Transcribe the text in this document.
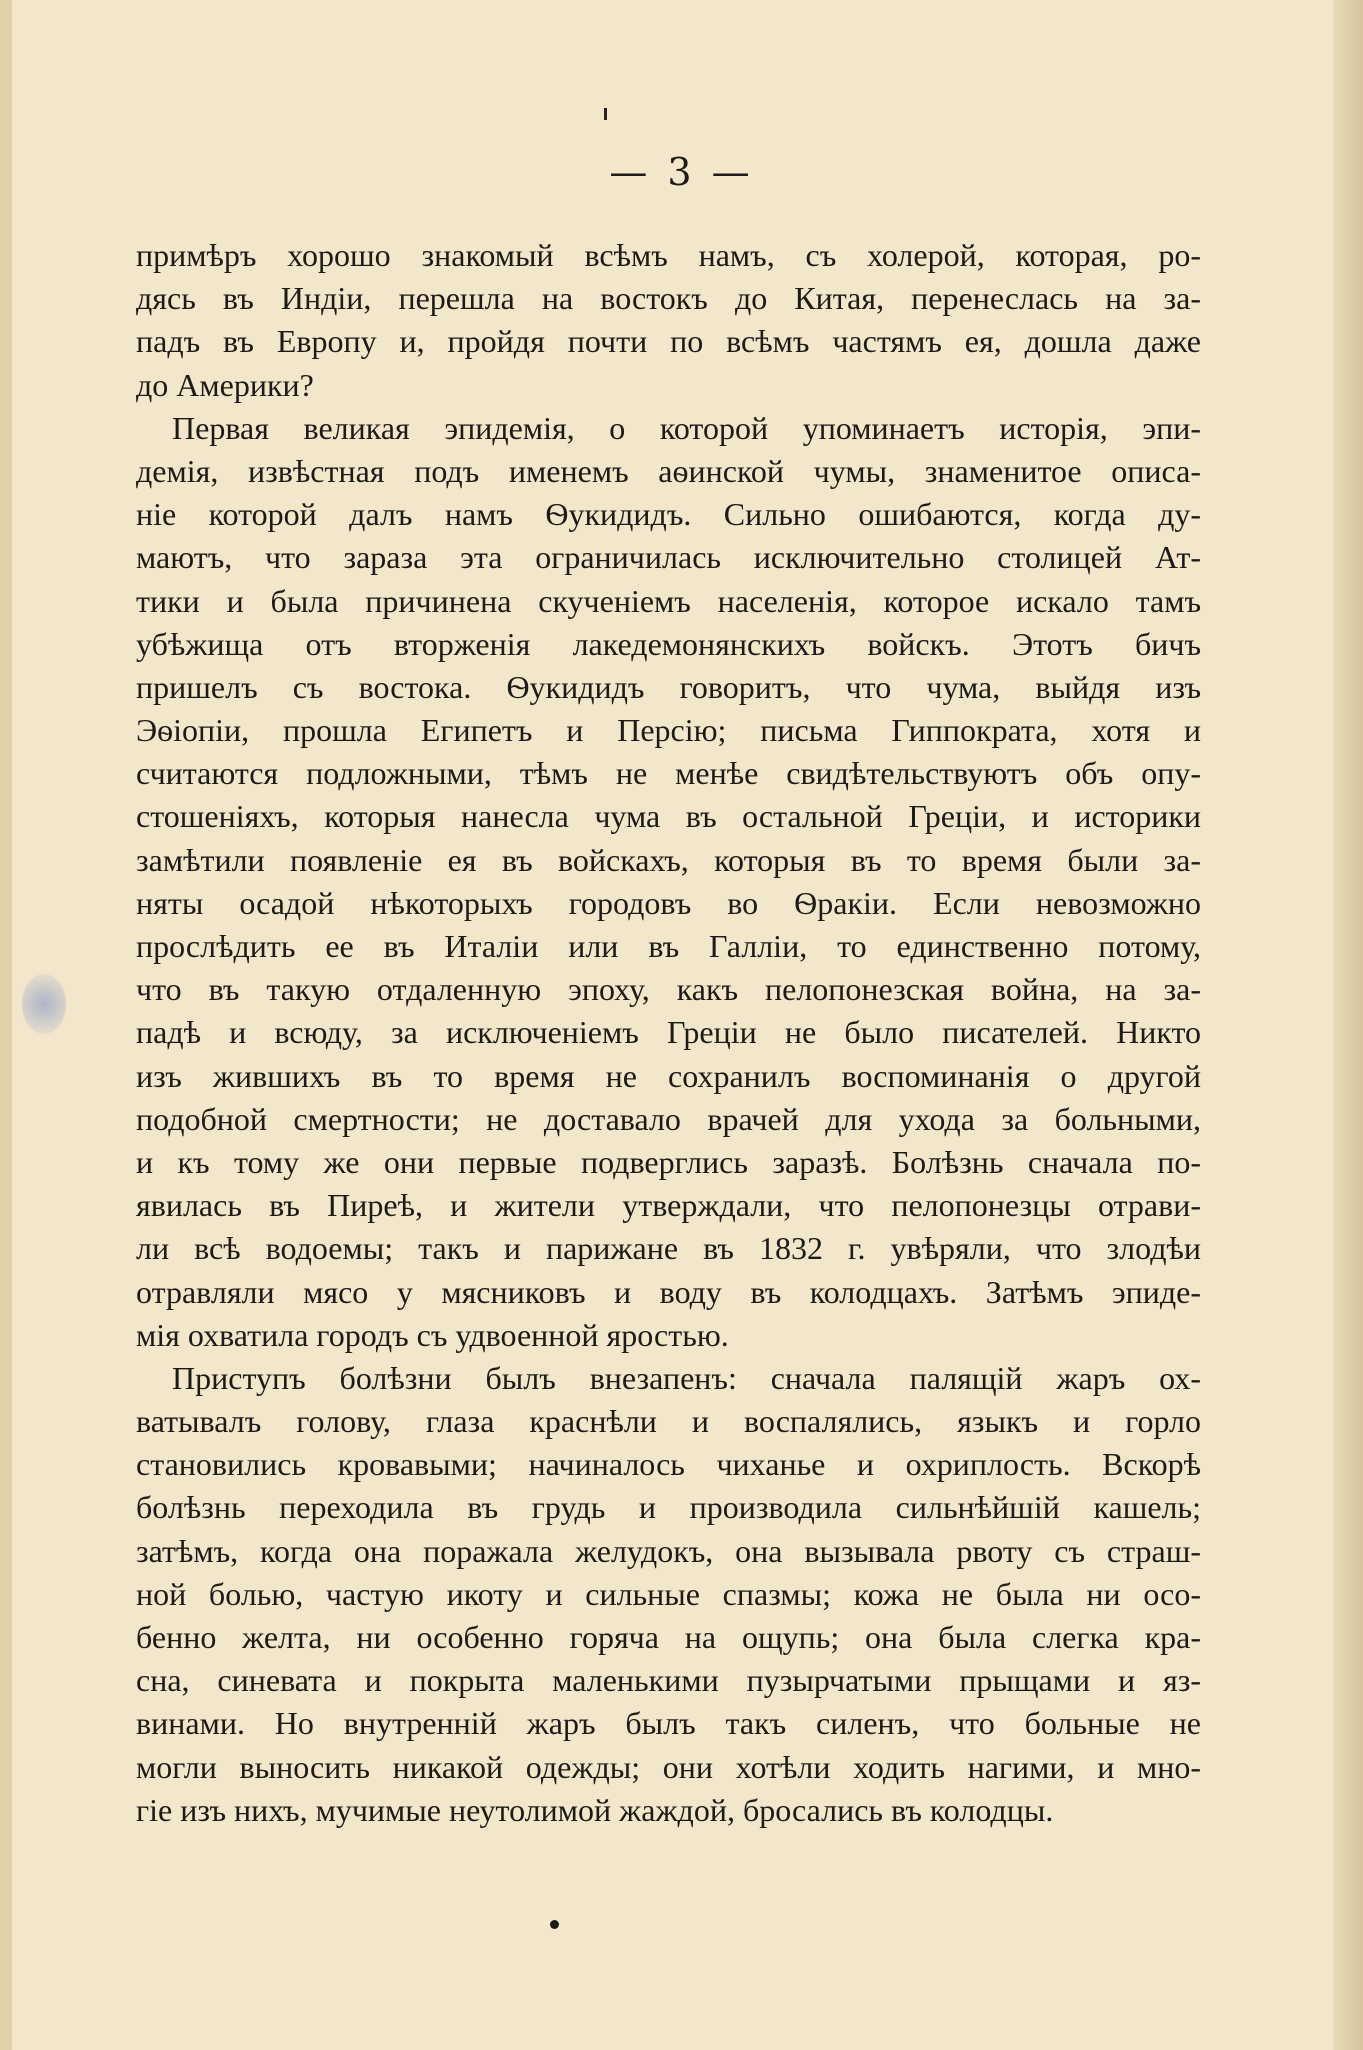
— 3 —
примѣръ хорошо знакомый всѣмъ намъ, съ холерой, которая, ро-
дясь въ Индіи, перешла на востокъ до Китая, перенеслась на за-
падъ въ Европу и, пройдя почти по всѣмъ частямъ ея, дошла даже
до Америки?
Первая великая эпидемія, о которой упоминаетъ исторія, эпи-
демія, извѣстная подъ именемъ аѳинской чумы, знаменитое описа-
ніе которой далъ намъ Ѳукидидъ. Сильно ошибаются, когда ду-
маютъ, что зараза эта ограничилась исключительно столицей Ат-
тики и была причинена скученіемъ населенія, которое искало тамъ
убѣжища отъ вторженія лакедемонянскихъ войскъ. Этотъ бичъ
пришелъ съ востока. Ѳукидидъ говоритъ, что чума, выйдя изъ
Эѳіопіи, прошла Египетъ и Персію; письма Гиппократа, хотя и
считаются подложными, тѣмъ не менѣе свидѣтельствуютъ объ опу-
стошеніяхъ, которыя нанесла чума въ остальной Греціи, и историки
замѣтили появленіе ея въ войскахъ, которыя въ то время были за-
няты осадой нѣкоторыхъ городовъ во Ѳракіи. Если невозможно
прослѣдить ее въ Италіи или въ Галліи, то единственно потому,
что въ такую отдаленную эпоху, какъ пелопонезская война, на за-
падѣ и всюду, за исключеніемъ Греціи не было писателей. Никто
изъ жившихъ въ то время не сохранилъ воспоминанія о другой
подобной смертности; не доставало врачей для ухода за больными,
и къ тому же они первые подверглись заразѣ. Болѣзнь сначала по-
явилась въ Пиреѣ, и жители утверждали, что пелопонезцы отрави-
ли всѣ водоемы; такъ и парижане въ 1832 г. увѣряли, что злодѣи
отравляли мясо у мясниковъ и воду въ колодцахъ. Затѣмъ эпиде-
мія охватила городъ съ удвоенной яростью.
Приступъ болѣзни былъ внезапенъ: сначала палящій жаръ ох-
ватывалъ голову, глаза краснѣли и воспалялись, языкъ и горло
становились кровавыми; начиналось чиханье и охриплость. Вскорѣ
болѣзнь переходила въ грудь и производила сильнѣйшій кашель;
затѣмъ, когда она поражала желудокъ, она вызывала рвоту съ страш-
ной болью, частую икоту и сильные спазмы; кожа не была ни осо-
бенно желта, ни особенно горяча на ощупь; она была слегка кра-
сна, синевата и покрыта маленькими пузырчатыми прыщами и яз-
винами. Но внутренній жаръ былъ такъ силенъ, что больные не
могли выносить никакой одежды; они хотѣли ходить нагими, и мно-
гіе изъ нихъ, мучимые неутолимой жаждой, бросались въ колодцы.
